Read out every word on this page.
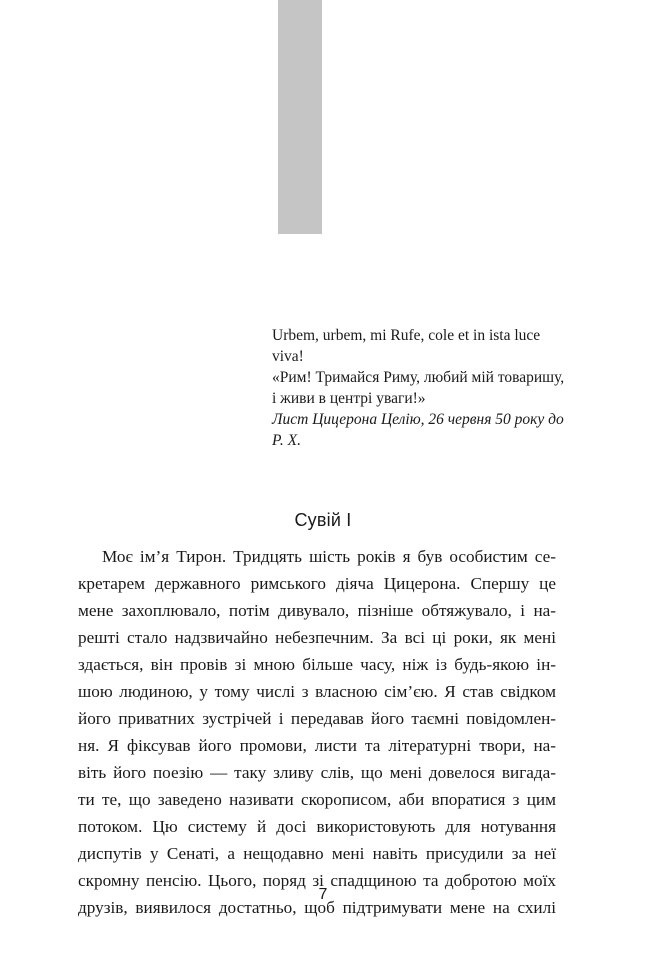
Urbem, urbem, mi Rufe, cole et in ista luce viva!

«Рим! Тримайся Риму, любий мій товаришу, і живи в центрі уваги!»

Лист Цицерона Целію, 26 червня 50 року до Р. Х.

Сувій I
Моє ім’я Тирон. Тридцять шість років я був особистим се-
кретарем державного римського діяча Цицерона. Спершу це
мене захоплювало, потім дивувало, пізніше обтяжувало, і на-
решті стало надзвичайно небезпечним. За всі ці роки, як мені
здається, він провів зі мною більше часу, ніж із будь-якою ін-
шою людиною, у тому числі з власною сім’єю. Я став свідком
його приватних зустрічей і передавав його таємні повідомлен-
ня. Я фіксував його промови, листи та літературні твори, на-
віть його поезію — таку зливу слів, що мені довелося вигада-
ти те, що заведено називати скорописом, аби впоратися з цим
потоком. Цю систему й досі використовують для нотування
диспутів у Сенаті, а нещодавно мені навіть присудили за неї
скромну пенсію. Цього, поряд зі спадщиною та добротою моїх
друзів, виявилося достатньо, щоб підтримувати мене на схилі
7
